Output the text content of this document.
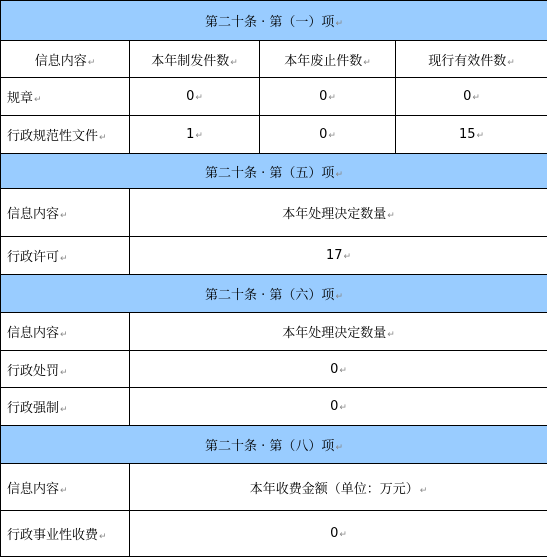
第二十条 · 第（一）项↵			
信息内容↵	本年制发件数↵	本年废止件数↵	现行有效件数↵
规章↵	0↵	0↵	0↵
行政规范性文件↵	1↵	0↵	15↵
第二十条 · 第（五）项↵			
信息内容↵	本年处理决定数量↵		
行政许可↵	17↵		
第二十条 · 第（六）项↵			
信息内容↵	本年处理决定数量↵		
行政处罚↵	0↵		
行政强制↵	0↵		
第二十条 · 第（八）项↵			
信息内容↵	本年收费金额（单位：万元）↵		
行政事业性收费↵	0↵		
